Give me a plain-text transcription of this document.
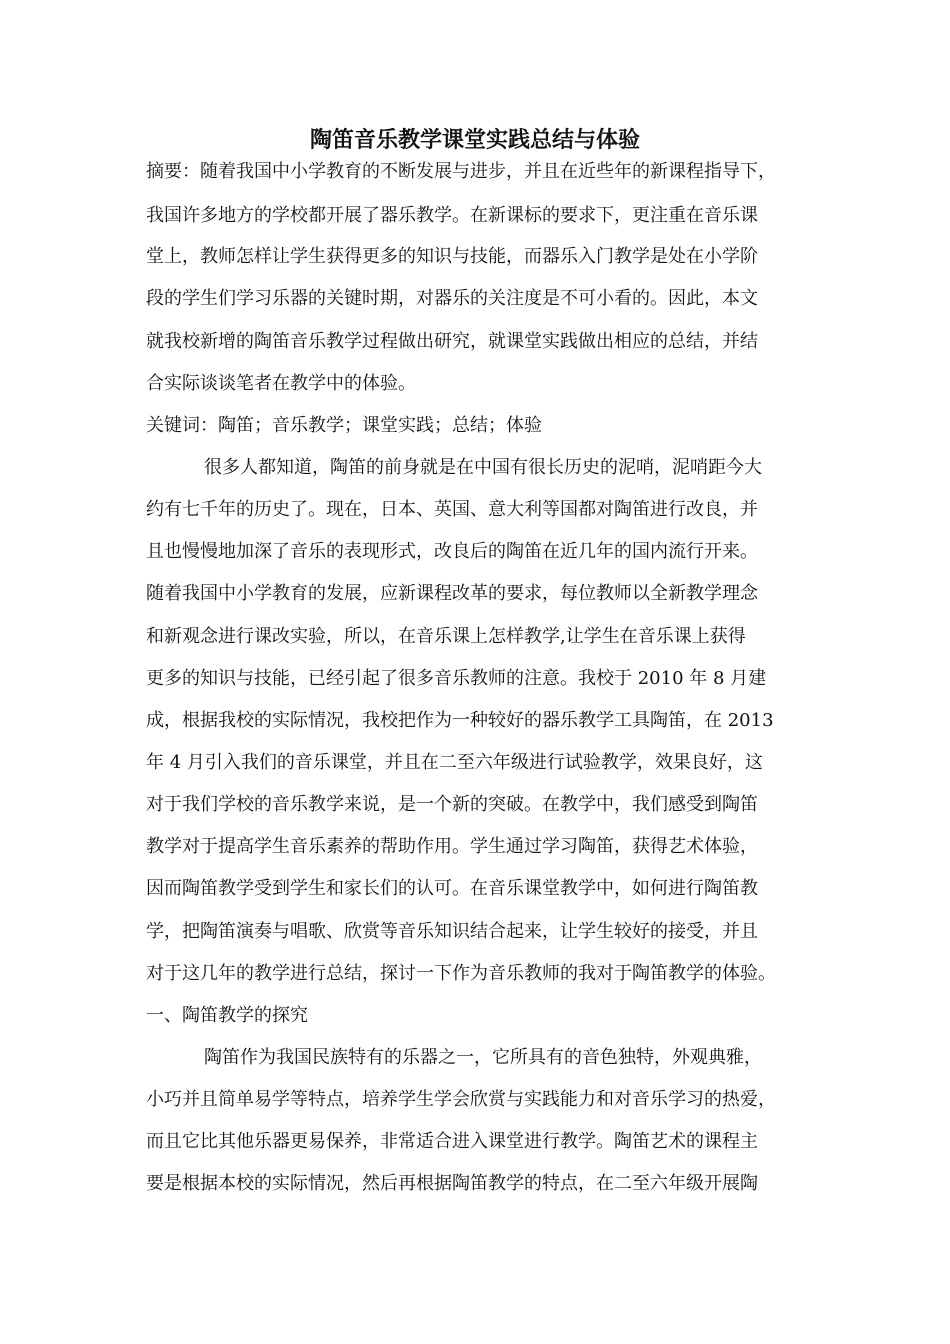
陶笛音乐教学课堂实践总结与体验
摘要：随着我国中小学教育的不断发展与进步，并且在近些年的新课程指导下，
我国许多地方的学校都开展了器乐教学。在新课标的要求下，更注重在音乐课
堂上，教师怎样让学生获得更多的知识与技能，而器乐入门教学是处在小学阶
段的学生们学习乐器的关键时期，对器乐的关注度是不可小看的。因此，本文
就我校新增的陶笛音乐教学过程做出研究，就课堂实践做出相应的总结，并结
合实际谈谈笔者在教学中的体验。
关键词：陶笛；音乐教学；课堂实践；总结；体验
很多人都知道，陶笛的前身就是在中国有很长历史的泥哨，泥哨距今大
约有七千年的历史了。现在，日本、英国、意大利等国都对陶笛进行改良，并
且也慢慢地加深了音乐的表现形式，改良后的陶笛在近几年的国内流行开来。
随着我国中小学教育的发展，应新课程改革的要求，每位教师以全新教学理念
和新观念进行课改实验，所以，在音乐课上怎样教学,让学生在音乐课上获得
更多的知识与技能，已经引起了很多音乐教师的注意。我校于 2010 年 8 月建
成，根据我校的实际情况，我校把作为一种较好的器乐教学工具陶笛，在 2013
年 4 月引入我们的音乐课堂，并且在二至六年级进行试验教学，效果良好，这
对于我们学校的音乐教学来说，是一个新的突破。在教学中，我们感受到陶笛
教学对于提高学生音乐素养的帮助作用。学生通过学习陶笛，获得艺术体验，
因而陶笛教学受到学生和家长们的认可。在音乐课堂教学中，如何进行陶笛教
学，把陶笛演奏与唱歌、欣赏等音乐知识结合起来，让学生较好的接受，并且
对于这几年的教学进行总结，探讨一下作为音乐教师的我对于陶笛教学的体验。
一、陶笛教学的探究
陶笛作为我国民族特有的乐器之一，它所具有的音色独特，外观典雅，
小巧并且简单易学等特点，培养学生学会欣赏与实践能力和对音乐学习的热爱，
而且它比其他乐器更易保养，非常适合进入课堂进行教学。陶笛艺术的课程主
要是根据本校的实际情况，然后再根据陶笛教学的特点，在二至六年级开展陶
